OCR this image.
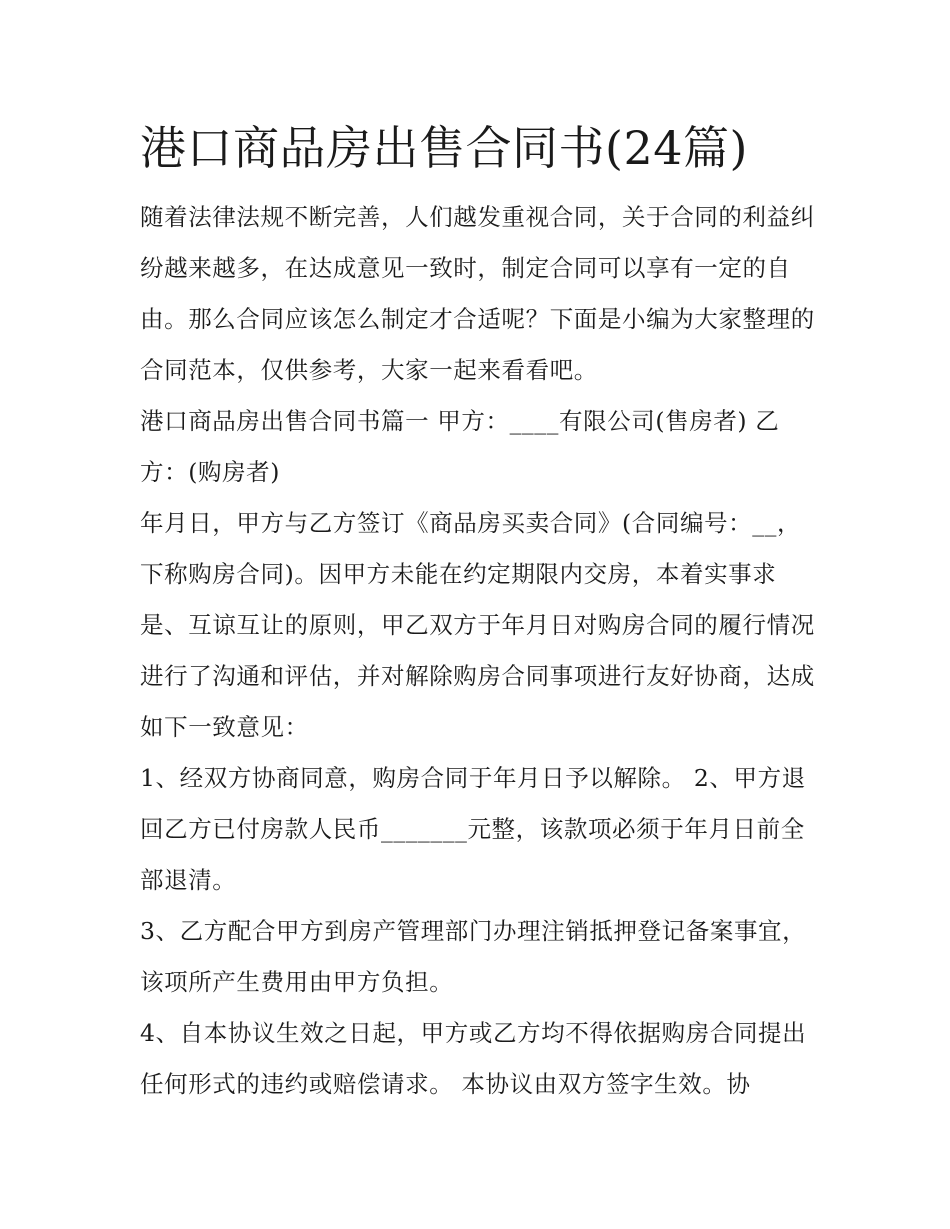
港口商品房出售合同书(24篇)

随着法律法规不断完善，人们越发重视合同，关于合同的利益纠纷越来越多，在达成意见一致时，制定合同可以享有一定的自由。那么合同应该怎么制定才合适呢？下面是小编为大家整理的合同范本，仅供参考，大家一起来看看吧。

港口商品房出售合同书篇一 甲方：____有限公司(售房者) 乙方：(购房者)

年月日，甲方与乙方签订《商品房买卖合同》(合同编号：__，下称购房合同)。因甲方未能在约定期限内交房，本着实事求是、互谅互让的原则，甲乙双方于年月日对购房合同的履行情况进行了沟通和评估，并对解除购房合同事项进行友好协商，达成如下一致意见：

1、经双方协商同意，购房合同于年月日予以解除。 2、甲方退回乙方已付房款人民币_______元整，该款项必须于年月日前全部退清。

3、乙方配合甲方到房产管理部门办理注销抵押登记备案事宜，该项所产生费用由甲方负担。

4、自本协议生效之日起，甲方或乙方均不得依据购房合同提出任何形式的违约或赔偿请求。 本协议由双方签字生效。协
